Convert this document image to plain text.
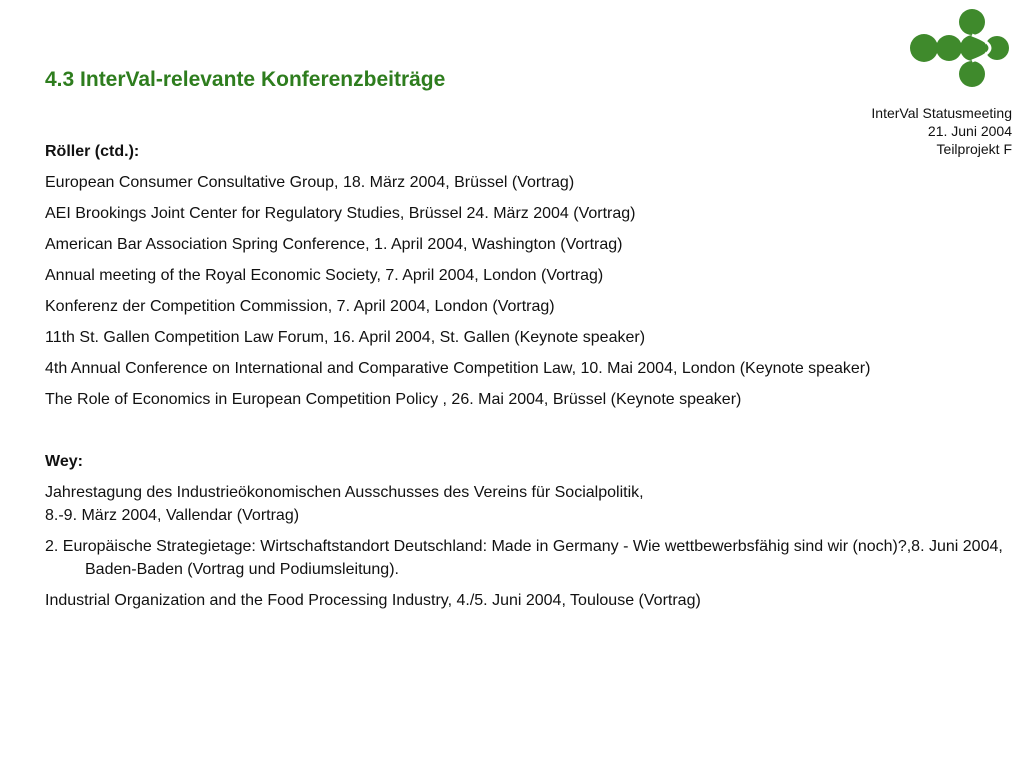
4.3 InterVal-relevante Konferenzbeiträge
InterVal Statusmeeting
21. Juni 2004
Teilprojekt F
Röller (ctd.):
European Consumer Consultative Group, 18. März 2004, Brüssel (Vortrag)
AEI Brookings Joint Center for Regulatory Studies, Brüssel 24. März 2004 (Vortrag)
American Bar Association Spring Conference, 1. April 2004, Washington (Vortrag)
Annual meeting of the Royal Economic Society, 7. April 2004, London (Vortrag)
Konferenz der Competition Commission, 7. April 2004, London (Vortrag)
11th St. Gallen Competition Law Forum, 16. April 2004, St. Gallen (Keynote speaker)
4th Annual Conference on International and Comparative Competition Law, 10. Mai 2004, London (Keynote speaker)
The Role of Economics in European Competition Policy , 26. Mai 2004, Brüssel (Keynote speaker)
Wey:
Jahrestagung des Industrieökonomischen Ausschusses des Vereins für Socialpolitik,
8.-9. März 2004, Vallendar (Vortrag)
2. Europäische Strategietage: Wirtschaftstandort Deutschland: Made in Germany - Wie wettbewerbsfähig sind wir (noch)?,8. Juni 2004, Baden-Baden (Vortrag und Podiumsleitung).
Industrial Organization and the Food Processing Industry, 4./5. Juni 2004, Toulouse (Vortrag)
